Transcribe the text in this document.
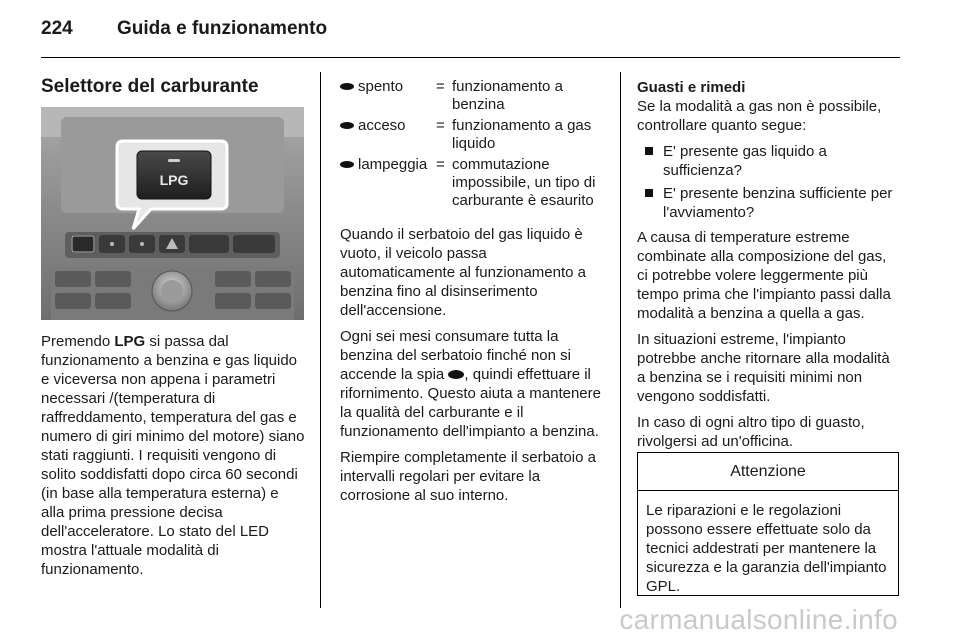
224 Guida e funzionamento
Selettore del carburante
LPG

Premendo LPG si passa dal funzionamento a benzina e gas liquido e viceversa non appena i parametri necessari /(temperatura di raffreddamento, temperatura del gas e numero di giri minimo del motore) siano stati raggiunti. I requisiti vengono di solito soddisfatti dopo circa 60 secondi (in base alla temperatura esterna) e alla prima pressione decisa dell'acceleratore. Lo stato del LED mostra l'attuale modalità di funzionamento.

spento	=	funzionamento a benzina
acceso	=	funzionamento a gas liquido
lampeggia	=	commutazione impossibile, un tipo di carburante è esaurito

Quando il serbatoio del gas liquido è vuoto, il veicolo passa automaticamente al funzionamento a benzina fino al disinserimento dell'accensione.

Ogni sei mesi consumare tutta la benzina del serbatoio finché non si accende la spia , quindi effettuare il rifornimento. Questo aiuta a mantenere la qualità del carburante e il funzionamento dell'impianto a benzina.

Riempire completamente il serbatoio a intervalli regolari per evitare la corrosione al suo interno.

Guasti e rimedi

Se la modalità a gas non è possibile, controllare quanto segue:

E' presente gas liquido a sufficienza?
E' presente benzina sufficiente per l'avviamento?

A causa di temperature estreme combinate alla composizione del gas, ci potrebbe volere leggermente più tempo prima che l'impianto passi dalla modalità a benzina a quella a gas.

In situazioni estreme, l'impianto potrebbe anche ritornare alla modalità a benzina se i requisiti minimi non vengono soddisfatti.

In caso di ogni altro tipo di guasto, rivolgersi ad un'officina.

Attenzione
Le riparazioni e le regolazioni possono essere effettuate solo da tecnici addestrati per mantenere la sicurezza e la garanzia dell'impianto GPL.
carmanualsonline.info
